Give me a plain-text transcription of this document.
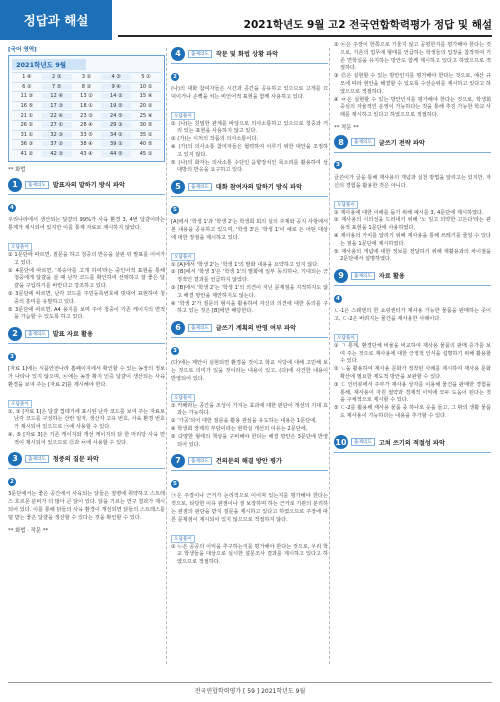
정답과 해설	2021학년도 9월 고2 전국연합학력평가 정답 및 해설
[국어 영역]
2021학년도 9월
1 ④	2 ③	3 ②	4 ⑤	5 ①
6 ②	7 ⑤	8 ③	9 ④	10 ①
11 ③	12 ④	13 ②	14 ②	15 ④
16 ⑤	17 ③	18 ①	19 ⑤	20 ②
21 ①	22 ④	23 ③	24 ⑤	25 ④
26 ②	27 ①	28 ④	29 ③	30 ⑤
31 ①	32 ③	33 ⑤	34 ②	35 ①
36 ③	37 ②	38 ④	39 ①	40 ⑤
41 ②	42 ③	43 ④	44 ⑤	45 ②
** 화법
1	출제의도	발표자의 말하기 방식 파악
4
우리나라에서 생산되는 달걀의 99%가 사육 환경 3, 4번 달걀이라는 통계가 제시되어 있지만 이를 통계 자료로 제시하지 않았다.
오답풀이
① 1문단에 따르면, 질문을 하고 청중의 반응을 살핀 뒤 발표를 이어가고 있다.
② 4문단에 따르면, '복숭아를 고개 하여'라는 중인어적 표현을 통해 청중에게 달걀을 살 때 난각 코드를 확인하여 선택하고 잘 좋은 달걀을 구입하기를 바란다고 강조하고 있다.
③ 3문단에 따르면, 난각 코드를 주민등록번호에 빗대어 표현하여 청중의 흥미를 유발하고 있다.
⑤ 3문단에 따르면, A4 용지를 보며 주어 청중이 기존 케이지의 면적을 가늠할 수 있도록 하고 있다.
2	출제의도	발표 자료 활용
3
[자료 1]에는 식품안전나라 홈페이지에서 확인할 수 있는 농장의 정보가 나타나 있지 않으며, ㉢에는 농장 확지 인증 달걀이 생산되는 사육 환경을 보여 주는 [자료 2]를 제시해야 한다.
오답풀이
①, ② [자료 1]은 달걀 껍데기에 표시된 난각 코드를 보여 주는 자료로 난각 코드를 구성하는 산란 일자, 생산자 고유 번호, 사육 환경 번호가 제시되어 있으므로 ㉠에 사용할 수 있다.
④, ⑤ [자료 3]은 기존 케이지와 개선 케이지의 닭 한 마리당 사육 면적이 제시되어 있으므로 ㉣과 ㉤에 사용할 수 있다.
3	출제의도	청중의 질문 파악
2
3문단에서는 좋은 공간에서 사육되는 닭들은 질병에 취약하고 스트레스 호르몬 분비가 더 많아 큰 닭이 있다. 닭을 기르는 연구 결과가 제시되어 있다. 이를 통해 닭들의 사육 환경이 개선되면 닭들의 스트레스를 덜 받는 좋은 달걀을 생산할 수 있다는 것을 확인할 수 있다.
** 화법 · 작문 **
4	출제의도	작문 및 화법 상황 파악
2
(나)의 대화 참여자들은 시간과 공간을 공유하고 있으므로 고개를 끄덕이거나 손뼉을 치는 비언어적 표현을 함께 사용하고 있다.
오답풀이
① (나)는 친밀한 관계를 바탕으로 의사소통하고 있으므로 청중과 거리 있는 표현을 사용하지 않고 있다.
③ (가)는 시처의 작품의 의사소통이다.
④ (가)의 의사소통 참여자들은 협력하여 이루기 위한 대안을 조정하고 있지 않다.
⑤ (나)의 화자는 의사소통 수단인 음향장치인 목소리를 활용하여 상대방의 반응을 요구하고 있다.
5	출제의도	대화 참여자의 말하기 방식 파악
5
[A]에서 '학생 1'과 '학생 2'는 학생회 회의 실의 주제와 공지 사항에서 본 내용을 공유하고 있으며, '학생 3'은 '학생 1'이 예로 든 어떤 대상에 대한 장점을 제시하고 있다.
오답풀이
① [A]에서 '학생 2'는 '학생 1'의 발화 내용을 요약하고 있지 않다.
② [B]에서 '학생 3'은 '학생 1'의 발화에 일부 동의하나, 기대되는 긍정적인 결과를 언급하지 않았다.
③ [B]에서 '학생 2'는 '학생 1'의 의견이 지닌 문제점을 지적하지도 않고 해결 방안을 제안하지도 않는다.
④ '학생 2'가 질문의 형식을 활용하여 자신의 의견에 대한 동의를 구하고 있는 것은 [B]에만 해당한다.
6	출제의도	글쓰기 계획의 반영 여부 파악
3
(다)에는 제안이 실현되면 환경을 것이고 학교 식당에 대해 고민해 보는 것으로 의미가 있을 것이라는 내용이 있고, (다)에 사건한 내용이 반영되어 있다.
오답풀이
① 카페라는 공간을 조성이 가지는 효과에 대한 판단이 개선의 기대 효과는 가능하다.
② '가공'되어 대한 질문을 활용 관심을 유도하는 내용은 1문단에,
④ 학생회 장제의 부담이라는 현학실 개선의 이유는 2문단에,
⑤ 다양한 형태의 책상을 구비해야 한다는 해결 방안은 3문단에 반영되어 있다.
7	출제의도	건의문의 해결 방안 평가
5
㉠은 주장이나 근거가 논리적으로 이어져 있는지를 평가해야 한다는 것으로, 타당한 이유 관점이나 질 보장하며 하는 근거로 기관의 분리하는 관점의 판단을 받지 질문을 제시하고 있다고 하였으므로 주장에 따른 문제점이 제시되어 있지 않으므로 적절하지 않다.
오답풀이
① ㉡은 공공의 이익을 추구하는지를 평가해야 한다는 것으로, 우리 학교 학생들을 대상으로 실시한 설문조사 결과를 제시하고 있다고 하였으므로 적절하다.
② ㉢은 주장이 한쪽으로 기울지 않고 공평한지를 평가해야 한다는 것으로, 기존의 업무에 형태를 언급하는 학생들의 입장을 참작하여 기존 면학실을 유지하는 방안도 함께 제시하고 있다고 하였으므로 적절하다.
③ ㉣은 실현할 수 있는 방안인지를 평가해야 한다는 것으로, 예산 규모에 따라 현안을 해결할 수 있도록 수선순위를 제시하고 있다고 하였으므로 적절하다.
④ ㉤은 실현할 수 있는 방안인지를 평가해야 한다는 것으로, 학생회 중심의 자율적인 운영이 가능하다는 것을 통해 추진 가능한 학교 사례를 제시하고 있다고 하였으므로 적절하다.
** 작문 **
8	출제의도	글쓰기 전략 파악
3
글쓴이가 글을 통해 재사용의 개념과 실천 방법을 알리고는 있지만, 자신의 경험을 활용한 것은 아니다.
오답풀이
① 재사용에 대한 이해를 돕기 위해 예시를 3, 4문단에 제시하였다.
② 재사용의 시의성을 드러내기 위해 '노 일고 의약한 고든다'라는 관용적 표현을 1문단에 사용하였다.
④ 재사용의 가치를 알리기 위해 재사용을 통해 쓰레기를 줄일 수 있다는 점을 1문단에 제시하였다.
⑤ 재사용의 개념에 대한 정보를 전달하기 위해 재활용과의 차이점을 2문단에서 설명하였다.
9	출제의도	자료 활용
4
ㄴ-1은 스웨덴의 한 쇼핑센터가 재사용 가능한 물품을 판매하는 곳이고, ㄷ-2은 버려지는 물건을 재사용한 사례이다.
오답풀이
① ㄱ 통계, 환경단체 비율을 비교하여 재사용 물품의 판매 증가를 보여 주는 것으로 재사용에 대한 긍정적 인식을 설명하기 위해 활용할 수 있다.
② ㄴ을 활용하여 재사용 문화가 정착된 사례를 제시하여 재사용 문화 확산에 필요한 제도적 방안을 보완할 수 있다.
③ ㄷ 인터뷰에서 주부가 재사용 상자를 이용해 물건을 판매한 경험을 통해, 재사용이 자원 절약과 경제적 이익에 모두 도움이 된다는 것을 구체적으로 제시할 수 있다.
⑤ ㄷ-2를 활용해 재사용 물품 중 하나로 옷을 들고, 그 밖의 생활 물품도 재사용이 가능하다는 내용을 추가할 수 있다.
10	출제의도	고쳐 쓰기의 적절성 파악
전국연합학력평가 [ 59 ] 2021학년도 9월
